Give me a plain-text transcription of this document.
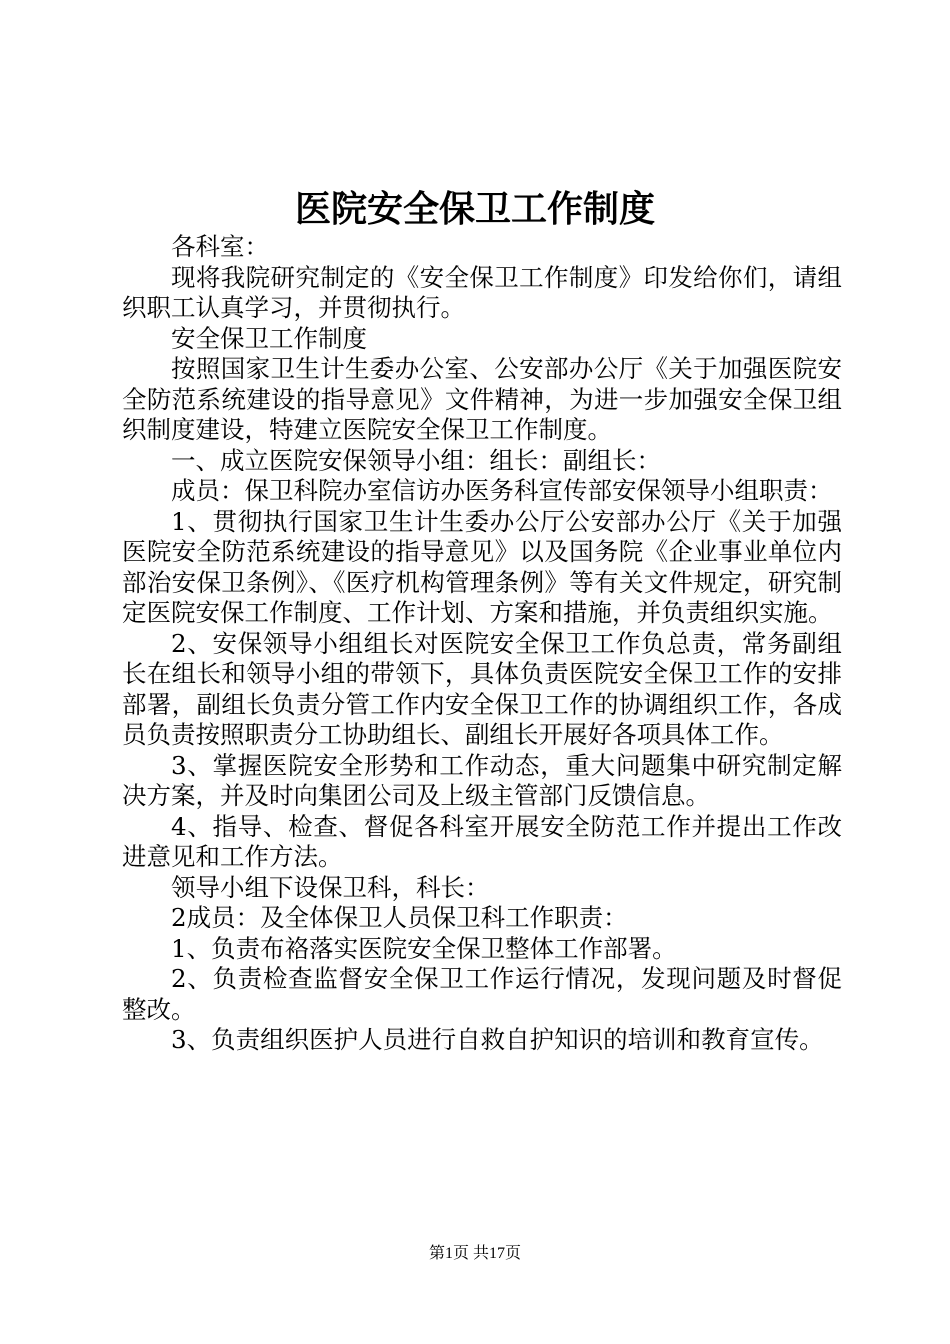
医院安全保卫工作制度

各科室：

现将我院研究制定的《安全保卫工作制度》印发给你们，请组织职工认真学习，并贯彻执行。

安全保卫工作制度

按照国家卫生计生委办公室、公安部办公厅《关于加强医院安全防范系统建设的指导意见》文件精神，为进一步加强安全保卫组织制度建设，特建立医院安全保卫工作制度。

一、成立医院安保领导小组：组长：副组长：

成员：保卫科院办室信访办医务科宣传部安保领导小组职责：

1、贯彻执行国家卫生计生委办公厅公安部办公厅《关于加强医院安全防范系统建设的指导意见》以及国务院《企业事业单位内部治安保卫条例》、《医疗机构管理条例》等有关文件规定，研究制定医院安保工作制度、工作计划、方案和措施，并负责组织实施。

2、安保领导小组组长对医院安全保卫工作负总责，常务副组长在组长和领导小组的带领下，具体负责医院安全保卫工作的安排部署，副组长负责分管工作内安全保卫工作的协调组织工作，各成员负责按照职责分工协助组长、副组长开展好各项具体工作。

3、掌握医院安全形势和工作动态，重大问题集中研究制定解决方案，并及时向集团公司及上级主管部门反馈信息。

4、指导、检查、督促各科室开展安全防范工作并提出工作改进意见和工作方法。

领导小组下设保卫科，科长：

2成员：及全体保卫人员保卫科工作职责：

1、负责布袼落实医院安全保卫整体工作部署。

2、负责检查监督安全保卫工作运行情况，发现问题及时督促整改。

3、负责组织医护人员进行自救自护知识的培训和教育宣传。

第1页 共17页
